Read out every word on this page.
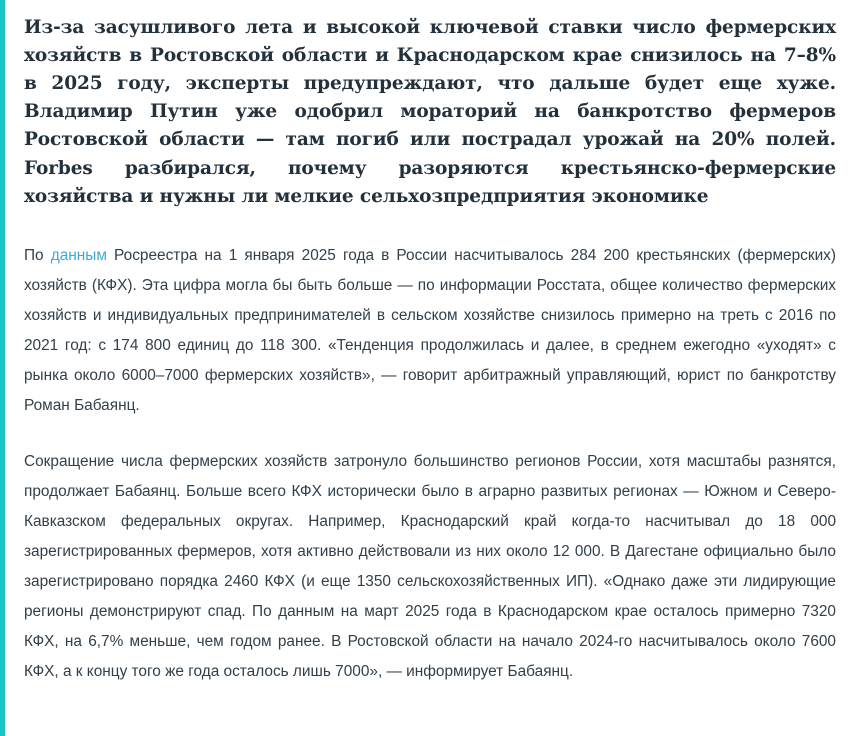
Из-за засушливого лета и высокой ключевой ставки число фермерских хозяйств в Ростовской области и Краснодарском крае снизилось на 7–8% в 2025 году, эксперты предупреждают, что дальше будет еще хуже. Владимир Путин уже одобрил мораторий на банкротство фермеров Ростовской области — там погиб или пострадал урожай на 20% полей. Forbes разбирался, почему разоряются крестьянско-фермерские хозяйства и нужны ли мелкие сельхозпредприятия экономике

По данным Росреестра на 1 января 2025 года в России насчитывалось 284 200 крестьянских (фермерских) хозяйств (КФХ). Эта цифра могла бы быть больше — по информации Росстата, общее количество фермерских хозяйств и индивидуальных предпринимателей в сельском хозяйстве снизилось примерно на треть с 2016 по 2021 год: с 174 800 единиц до 118 300. «Тенденция продолжилась и далее, в среднем ежегодно «уходят» с рынка около 6000–7000 фермерских хозяйств», — говорит арбитражный управляющий, юрист по банкротству Роман Бабаянц.

Сокращение числа фермерских хозяйств затронуло большинство регионов России, хотя масштабы разнятся, продолжает Бабаянц. Больше всего КФХ исторически было в аграрно развитых регионах — Южном и Северо-Кавказском федеральных округах. Например, Краснодарский край когда-то насчитывал до 18 000 зарегистрированных фермеров, хотя активно действовали из них около 12 000. В Дагестане официально было зарегистрировано порядка 2460 КФХ (и еще 1350 сельскохозяйственных ИП). «Однако даже эти лидирующие регионы демонстрируют спад. По данным на март 2025 года в Краснодарском крае осталось примерно 7320 КФХ, на 6,7% меньше, чем годом ранее. В Ростовской области на начало 2024-го насчитывалось около 7600 КФХ, а к концу того же года осталось лишь 7000», — информирует Бабаянц.
